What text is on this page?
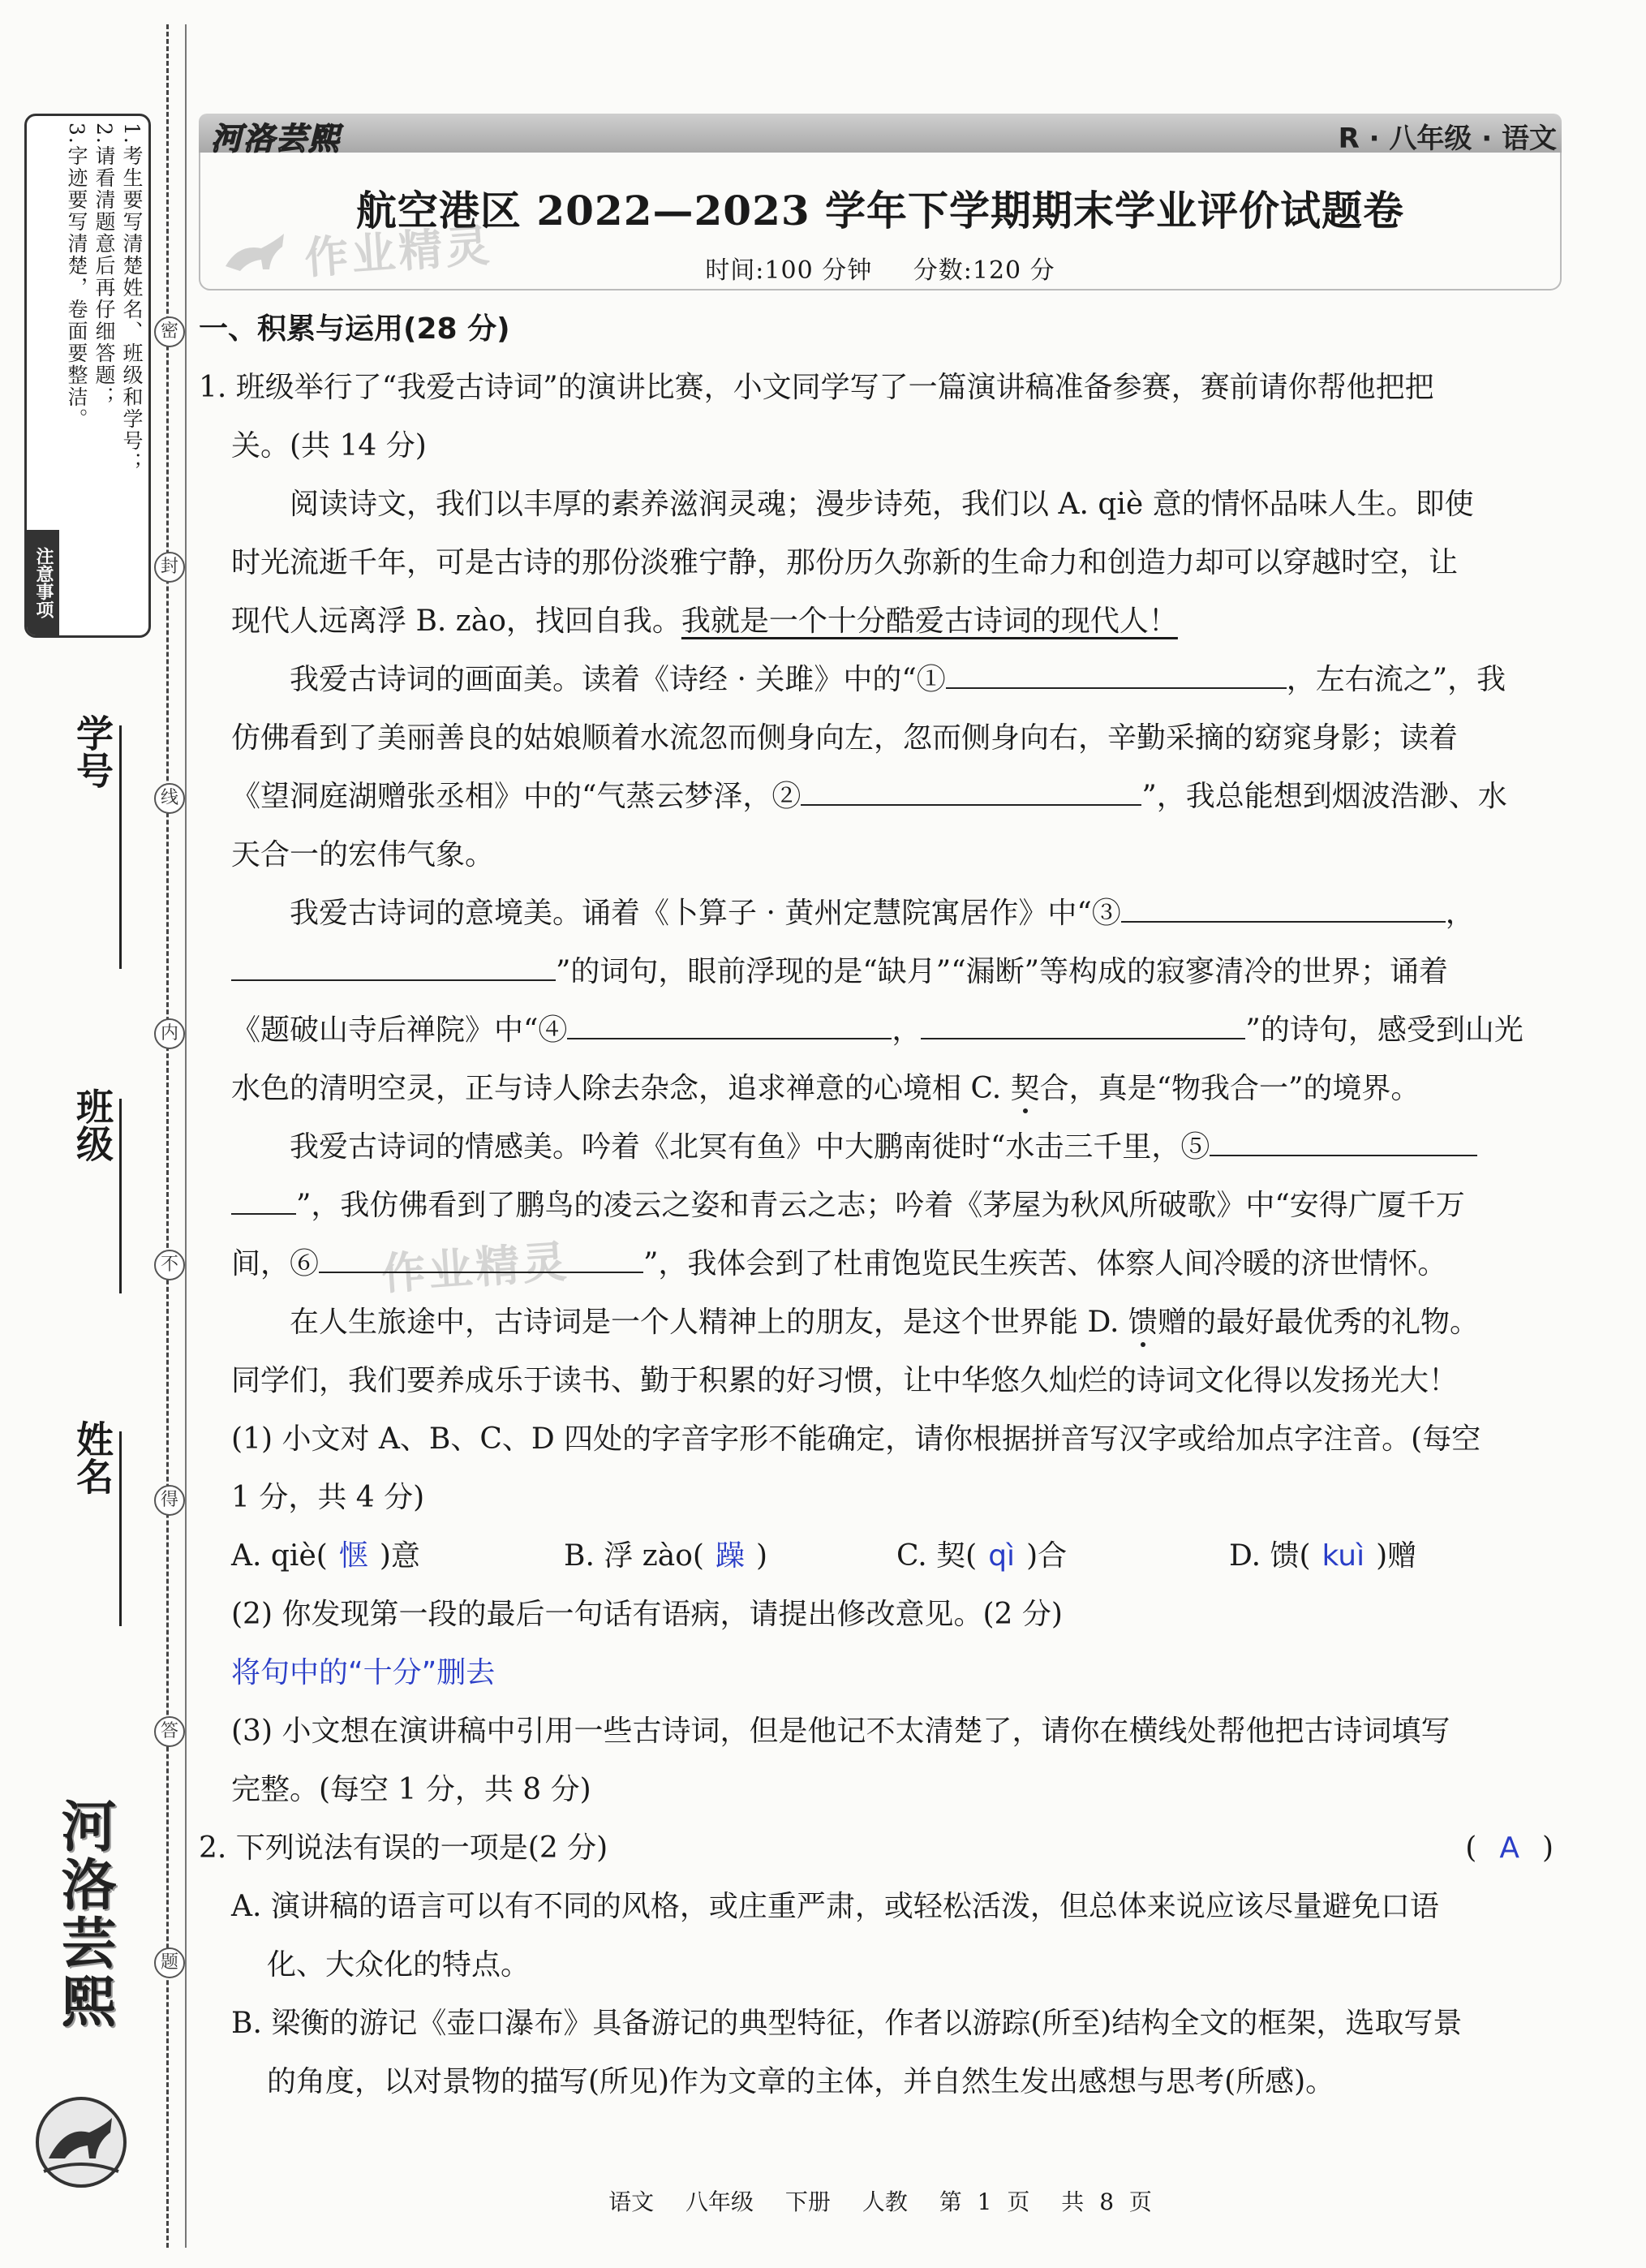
密
封
线
内
不
得
答
题
1.考生要写清楚姓名、班级和学号；
2.请看清题意后再仔细答题；
3.字迹要写清楚，卷面要整洁。
注意事项
学号
班级
姓名
河洛芸熙
河洛芸熙	R · 八年级 · 语文
航空港区 2022—2023 学年下学期期末学业评价试题卷
时间:100 分钟 分数:120 分
作业精灵
作业精灵

一、积累与运用(28 分)

1. 班级举行了“我爱古诗词”的演讲比赛，小文同学写了一篇演讲稿准备参赛，赛前请你帮他把把

关。(共 14 分)

阅读诗文，我们以丰厚的素养滋润灵魂；漫步诗苑，我们以 A. qiè 意的情怀品味人生。即使

时光流逝千年，可是古诗的那份淡雅宁静，那份历久弥新的生命力和创造力却可以穿越时空，让

现代人远离浮 B. zào，找回自我。我就是一个十分酷爱古诗词的现代人！

我爱古诗词的画面美。读着《诗经 · 关雎》中的“①	，左右流之”，我

仿佛看到了美丽善良的姑娘顺着水流忽而侧身向左，忽而侧身向右，辛勤采摘的窈窕身影；读着

《望洞庭湖赠张丞相》中的“气蒸云梦泽，②	”，我总能想到烟波浩渺、水

天合一的宏伟气象。

我爱古诗词的意境美。诵着《卜算子 · 黄州定慧院寓居作》中“③	，

”的词句，眼前浮现的是“缺月”“漏断”等构成的寂寥清冷的世界；诵着

《题破山寺后禅院》中“④	，	”的诗句，感受到山光

水色的清明空灵，正与诗人除去杂念，追求禅意的心境相 C. 契合，真是“物我合一”的境界。

我爱古诗词的情感美。吟着《北冥有鱼》中大鹏南徙时“水击三千里，⑤

”，我仿佛看到了鹏鸟的凌云之姿和青云之志；吟着《茅屋为秋风所破歌》中“安得广厦千万

间，⑥	”，我体会到了杜甫饱览民生疾苦、体察人间冷暖的济世情怀。

在人生旅途中，古诗词是一个人精神上的朋友，是这个世界能 D. 馈赠的最好最优秀的礼物。

同学们，我们要养成乐于读书、勤于积累的好习惯，让中华悠久灿烂的诗词文化得以发扬光大！

(1) 小文对 A、B、C、D 四处的字音字形不能确定，请你根据拼音写汉字或给加点字注音。(每空

1 分，共 4 分)

A. qiè( 惬 )意	B. 浮 zào( 躁 )	C. 契( qì )合	D. 馈( kuì )赠

(2) 你发现第一段的最后一句话有语病，请提出修改意见。(2 分)

将句中的“十分”删去

(3) 小文想在演讲稿中引用一些古诗词，但是他记不太清楚了，请你在横线处帮他把古诗词填写

完整。(每空 1 分，共 8 分)

2. 下列说法有误的一项是(2 分)	( A )

A. 演讲稿的语言可以有不同的风格，或庄重严肃，或轻松活泼，但总体来说应该尽量避免口语

化、大众化的特点。

B. 梁衡的游记《壶口瀑布》具备游记的典型特征，作者以游踪(所至)结构全文的框架，选取写景

的角度，以对景物的描写(所见)作为文章的主体，并自然生发出感想与思考(所感)。

语文 八年级 下册 人教 第 1 页 共 8 页
